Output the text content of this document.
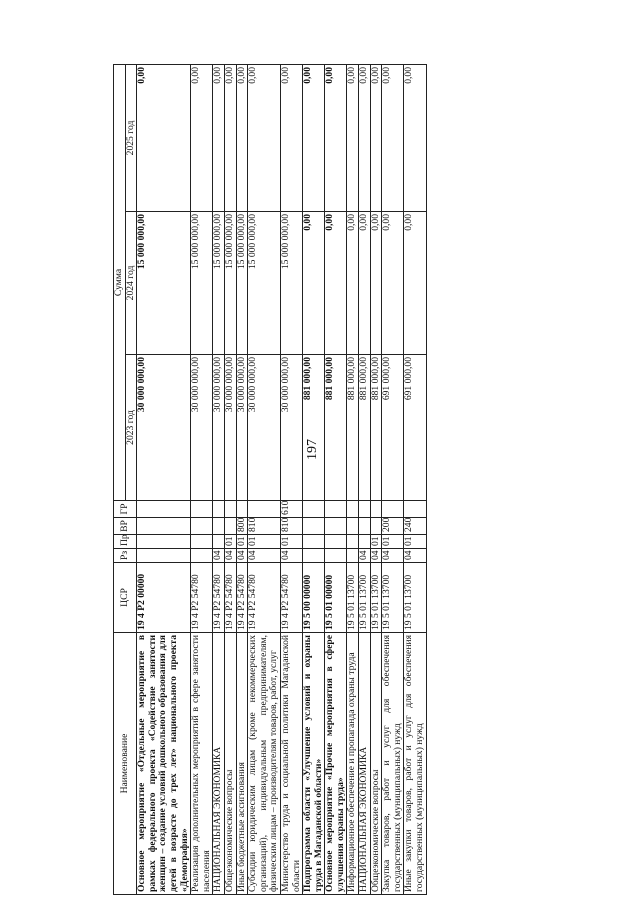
197
Наименование	ЦСР	Рз	Пр	ВР	ГР	Сумма		
						2023 год	2024 год	2025 год
Основное мероприятие «Отдельные мероприятие в рамках федерального проекта «Содействие занятости женщин – создание условий дошкольного образования для детей в возрасте до трех лет» национального проекта «Демография»	19 4 P2 00000					30 000 000,00	15 000 000,00	0,00
Реализация дополнительных мероприятий в сфере занятости населения	19 4 P2 54780					30 000 000,00	15 000 000,00	0,00
НАЦИОНАЛЬНАЯ ЭКОНОМИКА	19 4 P2 54780	04				30 000 000,00	15 000 000,00	0,00
Общеэкономические вопросы	19 4 P2 54780	04	01			30 000 000,00	15 000 000,00	0,00
Иные бюджетные ассигнования	19 4 P2 54780	04	01	800		30 000 000,00	15 000 000,00	0,00
Субсидии юридическим лицам (кроме некоммерческих организаций), индивидуальным предпринимателям, физическим лицам – производителям товаров, работ, услуг	19 4 P2 54780	04	01	810		30 000 000,00	15 000 000,00	0,00
Министерство труда и социальной политики Магаданской области	19 4 P2 54780	04	01	810	610	30 000 000,00	15 000 000,00	0,00
Подпрограмма области «Улучшение условий и охраны труда в Магаданской области»	19 5 00 00000					881 000,00	0,00	0,00
Основное мероприятие «Прочие мероприятия в сфере улучшения охраны труда»	19 5 01 00000					881 000,00	0,00	0,00
Информационное обеспечение и пропаганда охраны труда	19 5 01 13700					881 000,00	0,00	0,00
НАЦИОНАЛЬНАЯ ЭКОНОМИКА	19 5 01 13700	04				881 000,00	0,00	0,00
Общеэкономические вопросы	19 5 01 13700	04	01			881 000,00	0,00	0,00
Закупка товаров, работ и услуг для обеспечения государственных (муниципальных) нужд	19 5 01 13700	04	01	200		691 000,00	0,00	0,00
Иные закупки товаров, работ и услуг для обеспечения государственных (муниципальных) нужд	19 5 01 13700	04	01	240		691 000,00	0,00	0,00
